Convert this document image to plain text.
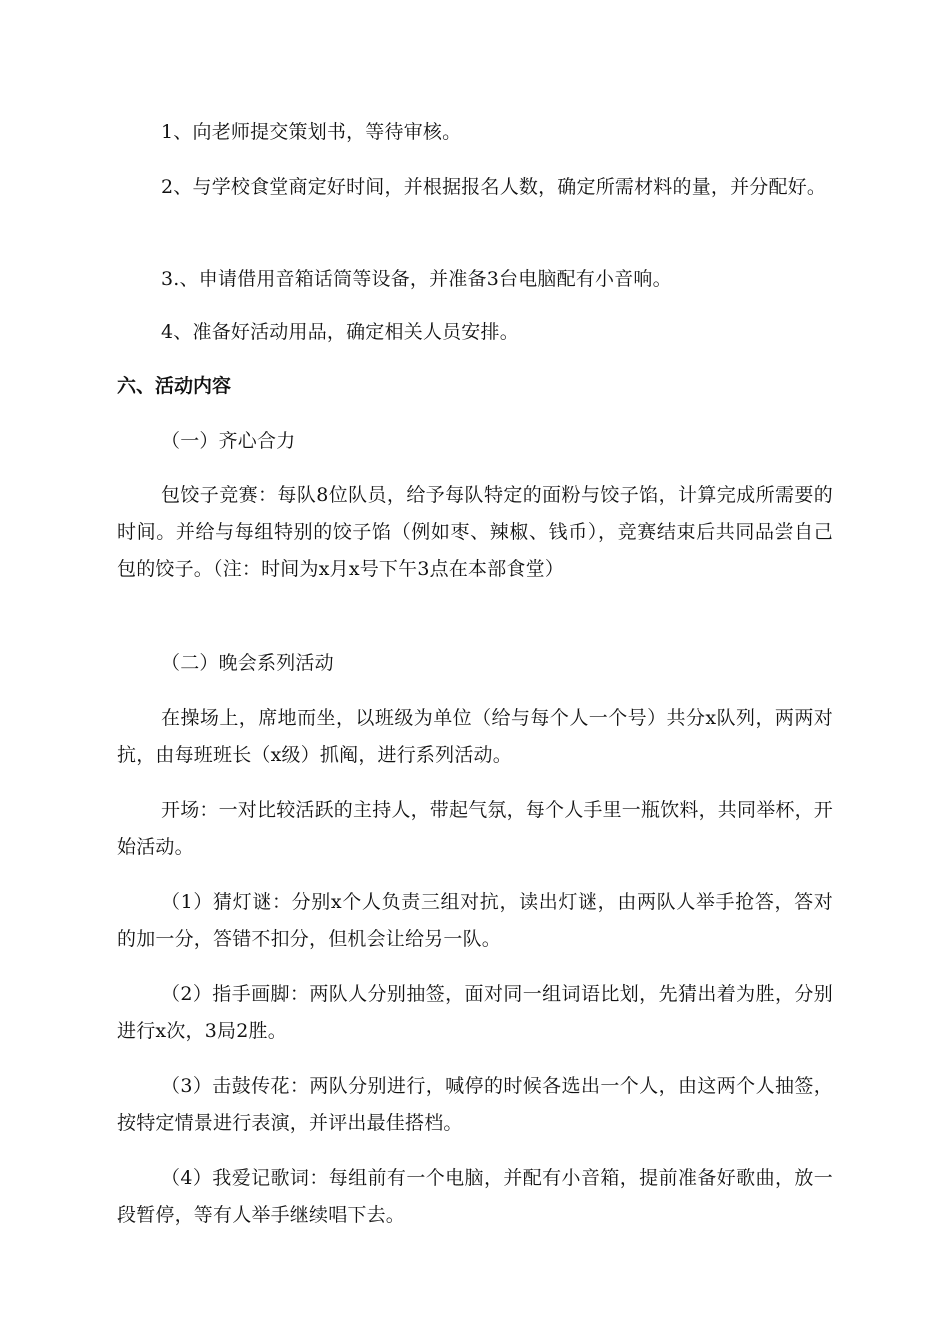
1、向老师提交策划书，等待审核。

2、与学校食堂商定好时间，并根据报名人数，确定所需材料的量，并分配好。

3.、申请借用音箱话筒等设备，并准备3台电脑配有小音响。

4、准备好活动用品，确定相关人员安排。

六、活动内容

（一）齐心合力

包饺子竞赛：每队8位队员，给予每队特定的面粉与饺子馅，计算完成所需要的时间。并给与每组特别的饺子馅（例如枣、辣椒、钱币），竞赛结束后共同品尝自己包的饺子。（注：时间为x月x号下午3点在本部食堂）

（二）晚会系列活动

在操场上，席地而坐，以班级为单位（给与每个人一个号）共分x队列，两两对抗，由每班班长（x级）抓阄，进行系列活动。

开场：一对比较活跃的主持人，带起气氛，每个人手里一瓶饮料，共同举杯，开始活动。

（1）猜灯谜：分别x个人负责三组对抗，读出灯谜，由两队人举手抢答，答对的加一分，答错不扣分，但机会让给另一队。

（2）指手画脚：两队人分别抽签，面对同一组词语比划，先猜出着为胜，分别进行x次，3局2胜。

（3）击鼓传花：两队分别进行，喊停的时候各选出一个人，由这两个人抽签，按特定情景进行表演，并评出最佳搭档。

（4）我爱记歌词：每组前有一个电脑，并配有小音箱，提前准备好歌曲，放一段暂停，等有人举手继续唱下去。
